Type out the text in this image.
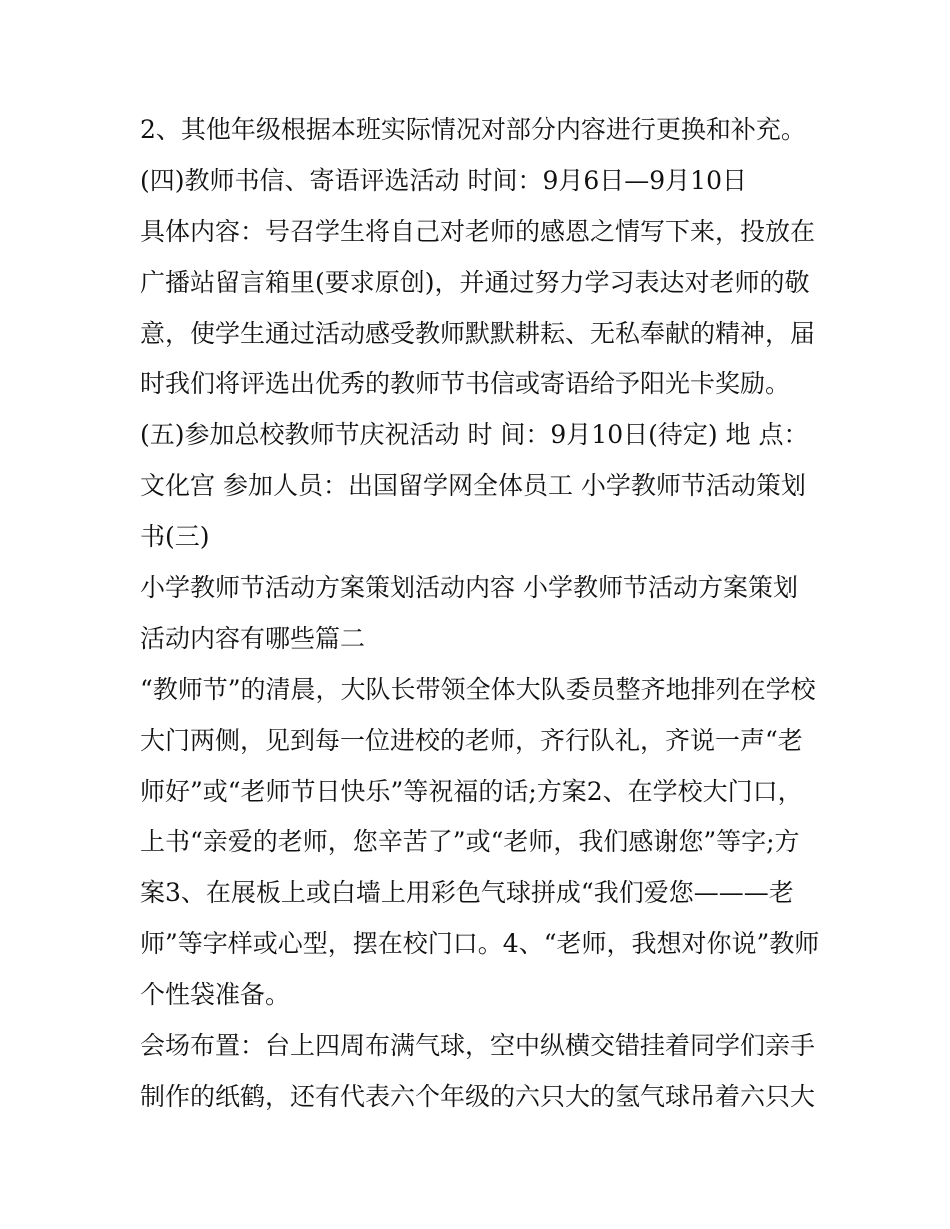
2、其他年级根据本班实际情况对部分内容进行更换和补充。
(四)教师书信、寄语评选活动 时间：9月6日—9月10日
具体内容：号召学生将自己对老师的感恩之情写下来，投放在
广播站留言箱里(要求原创)，并通过努力学习表达对老师的敬
意，使学生通过活动感受教师默默耕耘、无私奉献的精神，届
时我们将评选出优秀的教师节书信或寄语给予阳光卡奖励。
(五)参加总校教师节庆祝活动 时 间：9月10日(待定) 地 点：
文化宫 参加人员：出国留学网全体员工 小学教师节活动策划
书(三)
小学教师节活动方案策划活动内容 小学教师节活动方案策划
活动内容有哪些篇二
“教师节”的清晨，大队长带领全体大队委员整齐地排列在学校
大门两侧，见到每一位进校的老师，齐行队礼，齐说一声“老
师好”或“老师节日快乐”等祝福的话;方案2、在学校大门口，
上书“亲爱的老师，您辛苦了”或“老师，我们感谢您”等字;方
案3、在展板上或白墙上用彩色气球拼成“我们爱您———老
师”等字样或心型，摆在校门口。4、“老师，我想对你说”教师
个性袋准备。
会场布置：台上四周布满气球，空中纵横交错挂着同学们亲手
制作的纸鹤，还有代表六个年级的六只大的氢气球吊着六只大
